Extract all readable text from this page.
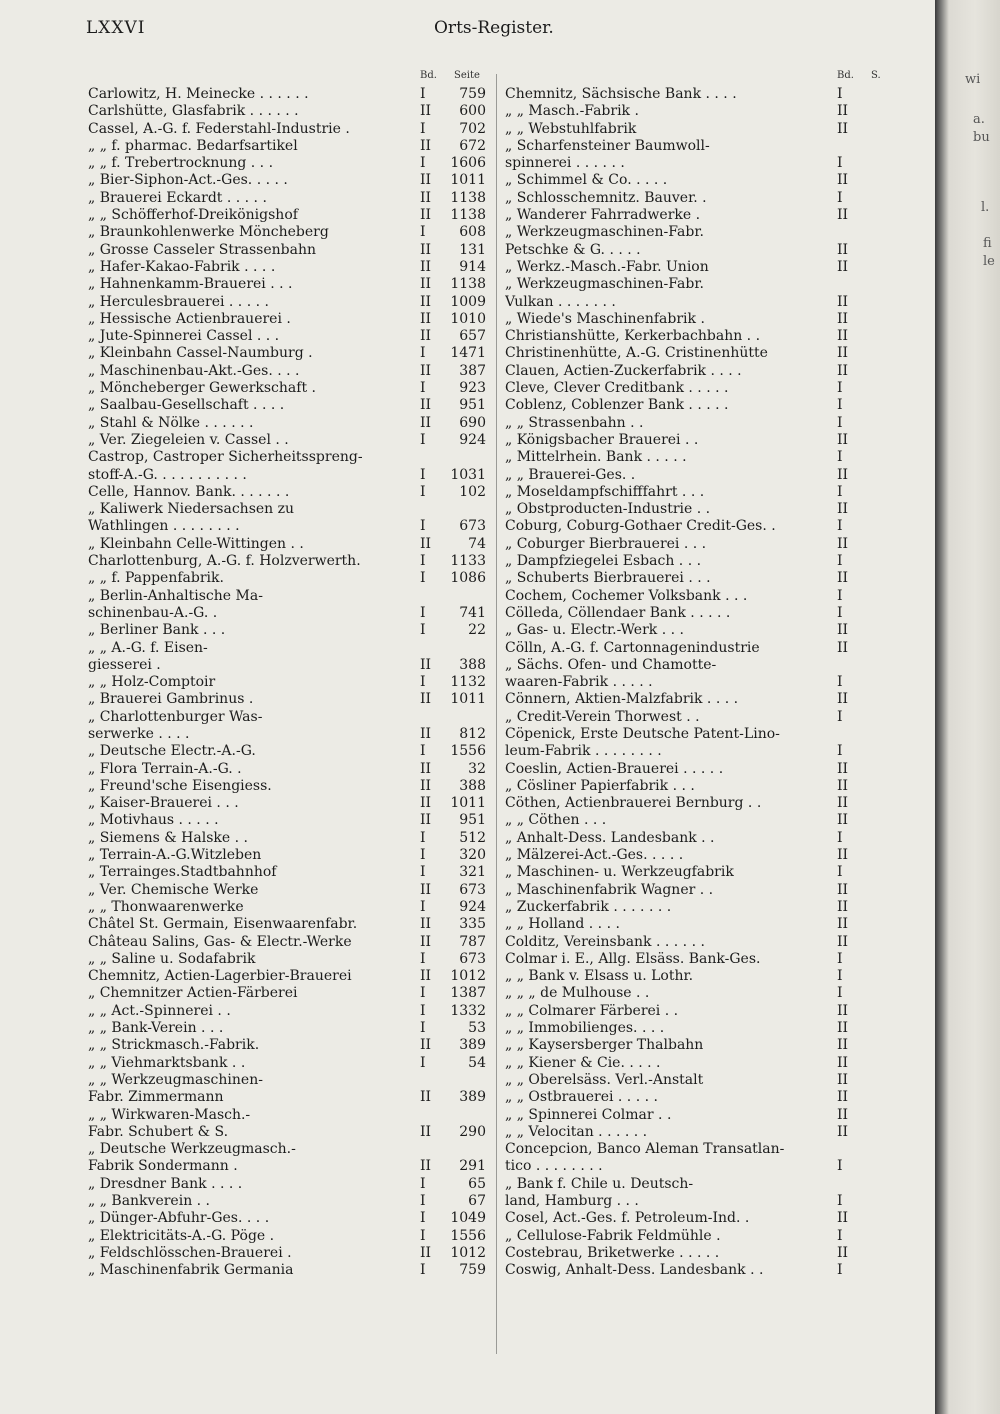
LXXVI	Orts-Register.
Bd. Seite
Carlowitz, H. Meinecke . . . . . .	I	759
Carlshütte, Glasfabrik . . . . . .	II	600
Cassel, A.-G. f. Federstahl-Industrie .	I	702
„ „ f. pharmac. Bedarfsartikel	II	672
„ „ f. Trebertrocknung . . .	I	1606
„ Bier-Siphon-Act.-Ges. . . . .	II	1011
„ Brauerei Eckardt . . . . .	II	1138
„ „ Schöfferhof-Dreikönigshof	II	1138
„ Braunkohlenwerke Möncheberg	I	608
„ Grosse Casseler Strassenbahn	II	131
„ Hafer-Kakao-Fabrik . . . .	II	914
„ Hahnenkamm-Brauerei . . .	II	1138
„ Herculesbrauerei . . . . .	II	1009
„ Hessische Actienbrauerei .	II	1010
„ Jute-Spinnerei Cassel . . .	II	657
„ Kleinbahn Cassel-Naumburg .	I	1471
„ Maschinenbau-Akt.-Ges. . . .	II	387
„ Möncheberger Gewerkschaft .	I	923
„ Saalbau-Gesellschaft . . . .	II	951
„ Stahl & Nölke . . . . . .	II	690
„ Ver. Ziegeleien v. Cassel . .	I	924
Castrop, Castroper Sicherheitsspreng-
stoff-A.-G. . . . . . . . . . .	I	1031
Celle, Hannov. Bank. . . . . . .	I	102
„ Kaliwerk Niedersachsen zu
Wathlingen . . . . . . . .	I	673
„ Kleinbahn Celle-Wittingen . .	II	74
Charlottenburg, A.-G. f. Holzverwerth.	I	1133
„ „ f. Pappenfabrik.	I	1086
„ Berlin-Anhaltische Ma-
schinenbau-A.-G. .	I	741
„ Berliner Bank . . .	I	22
„ „ A.-G. f. Eisen-
giesserei .	II	388
„ „ Holz-Comptoir	I	1132
„ Brauerei Gambrinus .	II	1011
„ Charlottenburger Was-
serwerke . . . .	II	812
„ Deutsche Electr.-A.-G.	I	1556
„ Flora Terrain-A.-G. .	II	32
„ Freund'sche Eisengiess.	II	388
„ Kaiser-Brauerei . . .	II	1011
„ Motivhaus . . . . .	II	951
„ Siemens & Halske . .	I	512
„ Terrain-A.-G.Witzleben	I	320
„ Terrainges.Stadtbahnhof	I	321
„ Ver. Chemische Werke	II	673
„ „ Thonwaarenwerke	I	924
Châtel St. Germain, Eisenwaarenfabr.	II	335
Château Salins, Gas- & Electr.-Werke	II	787
„ „ Saline u. Sodafabrik	I	673
Chemnitz, Actien-Lagerbier-Brauerei	II	1012
„ Chemnitzer Actien-Färberei	I	1387
„ „ Act.-Spinnerei . .	I	1332
„ „ Bank-Verein . . .	I	53
„ „ Strickmasch.-Fabrik.	II	389
„ „ Viehmarktsbank . .	I	54
„ „ Werkzeugmaschinen-
Fabr. Zimmermann	II	389
„ „ Wirkwaren-Masch.-
Fabr. Schubert & S.	II	290
„ Deutsche Werkzeugmasch.-
Fabrik Sondermann .	II	291
„ Dresdner Bank . . . .	I	65
„ „ Bankverein . .	I	67
„ Dünger-Abfuhr-Ges. . . .	I	1049
„ Elektricitäts-A.-G. Pöge .	I	1556
„ Feldschlösschen-Brauerei .	II	1012
„ Maschinenfabrik Germania	I	759
Bd. S.
Chemnitz, Sächsische Bank . . . .	I
„ „ Masch.-Fabrik .	II
„ „ Webstuhlfabrik	II
„ Scharfensteiner Baumwoll-
spinnerei . . . . . .	I
„ Schimmel & Co. . . . .	II
„ Schlosschemnitz. Bauver. .	I
„ Wanderer Fahrradwerke .	II
„ Werkzeugmaschinen-Fabr.
Petschke & G. . . . .	II
„ Werkz.-Masch.-Fabr. Union	II
„ Werkzeugmaschinen-Fabr.
Vulkan . . . . . . .	II
„ Wiede's Maschinenfabrik .	II
Christianshütte, Kerkerbachbahn . .	II
Christinenhütte, A.-G. Cristinenhütte	II
Clauen, Actien-Zuckerfabrik . . . .	II
Cleve, Clever Creditbank . . . . .	I
Coblenz, Coblenzer Bank . . . . .	I
„ „ Strassenbahn . .	I
„ Königsbacher Brauerei . .	II
„ Mittelrhein. Bank . . . . .	I
„ „ Brauerei-Ges. .	II
„ Moseldampfschifffahrt . . .	I
„ Obstproducten-Industrie . .	II
Coburg, Coburg-Gothaer Credit-Ges. .	I
„ Coburger Bierbrauerei . . .	II
„ Dampfziegelei Esbach . . .	I
„ Schuberts Bierbrauerei . . .	II
Cochem, Cochemer Volksbank . . .	I
Cölleda, Cöllendaer Bank . . . . .	I
„ Gas- u. Electr.-Werk . . .	II
Cölln, A.-G. f. Cartonnagenindustrie	II
„ Sächs. Ofen- und Chamotte-
waaren-Fabrik . . . . .	I
Cönnern, Aktien-Malzfabrik . . . .	II
„ Credit-Verein Thorwest . .	I
Cöpenick, Erste Deutsche Patent-Lino-
leum-Fabrik . . . . . . . .	I
Coeslin, Actien-Brauerei . . . . .	II
„ Cösliner Papierfabrik . . .	II
Cöthen, Actienbrauerei Bernburg . .	II
„ „ Cöthen . . .	II
„ Anhalt-Dess. Landesbank . .	I
„ Mälzerei-Act.-Ges. . . . .	II
„ Maschinen- u. Werkzeugfabrik	I
„ Maschinenfabrik Wagner . .	II
„ Zuckerfabrik . . . . . . .	II
„ „ Holland . . . .	II
Colditz, Vereinsbank . . . . . .	II
Colmar i. E., Allg. Elsäss. Bank-Ges.	I
„ „ Bank v. Elsass u. Lothr.	I
„ „ „ de Mulhouse . .	I
„ „ Colmarer Färberei . .	II
„ „ Immobilienges. . . .	II
„ „ Kaysersberger Thalbahn	II
„ „ Kiener & Cie. . . . .	II
„ „ Oberelsäss. Verl.-Anstalt	II
„ „ Ostbrauerei . . . . .	II
„ „ Spinnerei Colmar . .	II
„ „ Velocitan . . . . . .	II
Concepcion, Banco Aleman Transatlan-
tico . . . . . . . .	I
„ Bank f. Chile u. Deutsch-
land, Hamburg . . .	I
Cosel, Act.-Ges. f. Petroleum-Ind. .	II
„ Cellulose-Fabrik Feldmühle .	I
Costebrau, Briketwerke . . . . .	II
Coswig, Anhalt-Dess. Landesbank . .	I
wi
a.
bu
l.
fi
le
